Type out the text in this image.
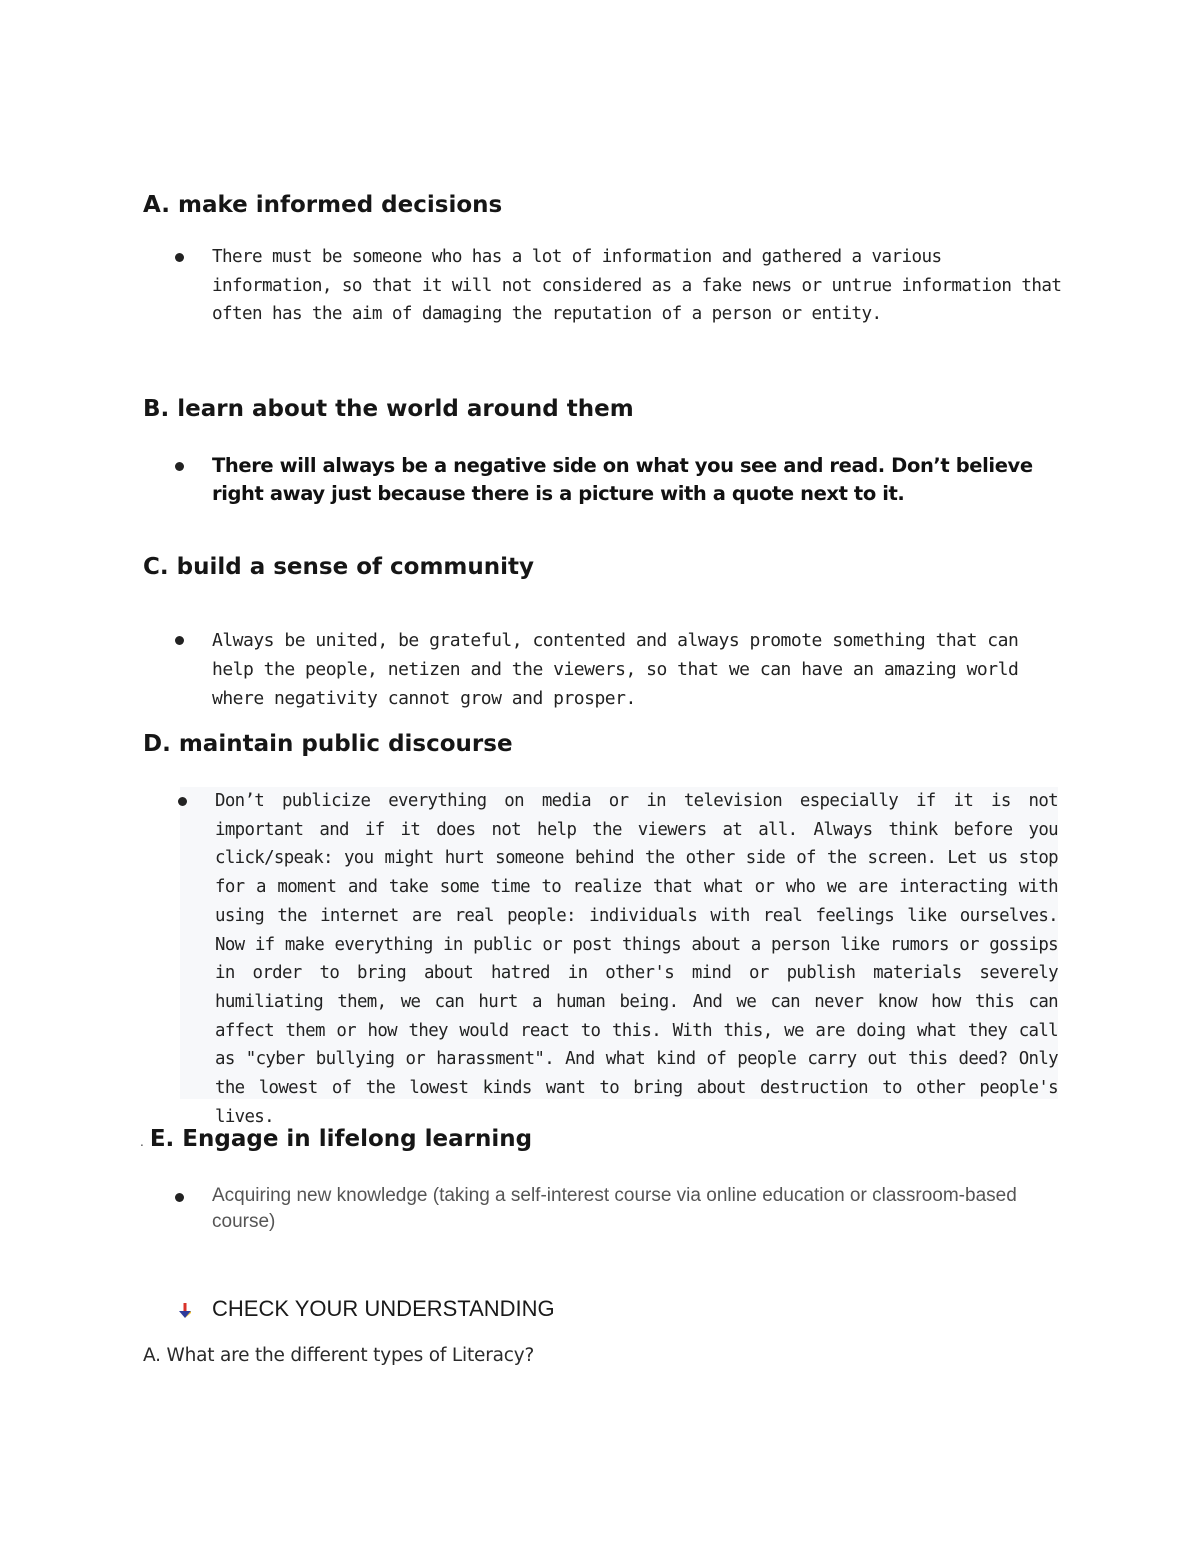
A. make informed decisions
There must be someone who has a lot of information and gathered a various information, so that it will not considered as a fake news or untrue information that often has the aim of damaging the reputation of a person or entity.
B. learn about the world around them
There will always be a negative side on what you see and read. Don’t believe right away just because there is a picture with a quote next to it.
C. build a sense of community
Always be united, be grateful, contented and always promote something that can help the people, netizen and the viewers, so that we can have an amazing world where negativity cannot grow and prosper.
D. maintain public discourse
Don’t publicize everything on media or in television especially if it is not important and if it does not help the viewers at all. Always think before you click/speak: you might hurt someone behind the other side of the screen. Let us stop for a moment and take some time to realize that what or who we are interacting with using the internet are real people: individuals with real feelings like ourselves. Now if make everything in public or post things about a person like rumors or gossips in order to bring about hatred in other's mind or publish materials severely humiliating them, we can hurt a human being. And we can never know how this can affect them or how they would react to this. With this, we are doing what they call as "cyber bullying or harassment". And what kind of people carry out this deed? Only the lowest of the lowest kinds want to bring about destruction to other people's lives.
. E. Engage in lifelong learning
Acquiring new knowledge (taking a self-interest course via online education or classroom-based course)
CHECK YOUR UNDERSTANDING
A. What are the different types of Literacy?
